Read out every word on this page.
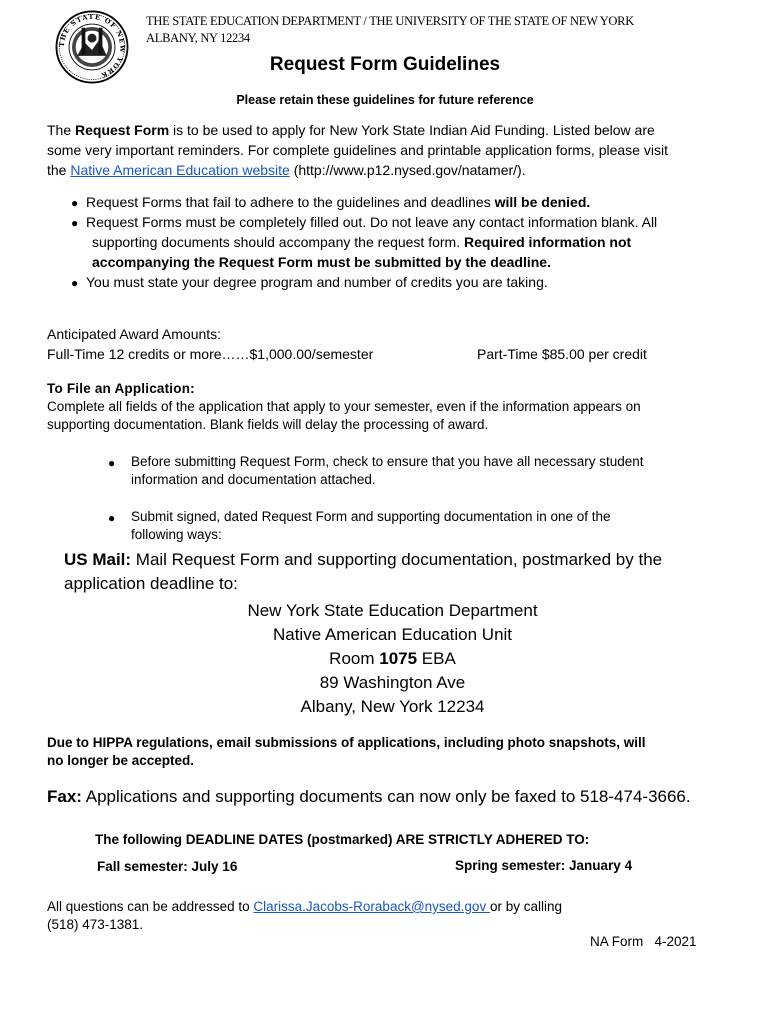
THE STATE OF NEW YORK
THE STATE EDUCATION DEPARTMENT / THE UNIVERSITY OF THE STATE OF NEW YORK
ALBANY, NY 12234
Request Form Guidelines
Please retain these guidelines for future reference
The Request Form is to be used to apply for New York State Indian Aid Funding. Listed below are
some very important reminders. For complete guidelines and printable application forms, please visit
the Native American Education website (http://www.p12.nysed.gov/natamer/).
● Request Forms that fail to adhere to the guidelines and deadlines will be denied.
● Request Forms must be completely filled out. Do not leave any contact information blank. All
supporting documents should accompany the request form. Required information not
accompanying the Request Form must be submitted by the deadline.
● You must state your degree program and number of credits you are taking.
Anticipated Award Amounts:
Full-Time 12 credits or more……$1,000.00/semester	Part-Time $85.00 per credit
To File an Application:
Complete all fields of the application that apply to your semester, even if the information appears on
supporting documentation. Blank fields will delay the processing of award.
● Before submitting Request Form, check to ensure that you have all necessary student
information and documentation attached.
● Submit signed, dated Request Form and supporting documentation in one of the
following ways:
US Mail: Mail Request Form and supporting documentation, postmarked by the
application deadline to:
New York State Education Department
Native American Education Unit
Room 1075 EBA
89 Washington Ave
Albany, New York 12234
Due to HIPPA regulations, email submissions of applications, including photo snapshots, will
no longer be accepted.
Fax: Applications and supporting documents can now only be faxed to 518-474-3666.
The following DEADLINE DATES (postmarked) ARE STRICTLY ADHERED TO:
Fall semester: July 16	Spring semester: January 4
All questions can be addressed to Clarissa.Jacobs-Roraback@nysed.gov or by calling
(518) 473-1381.
NA Form   4-2021
